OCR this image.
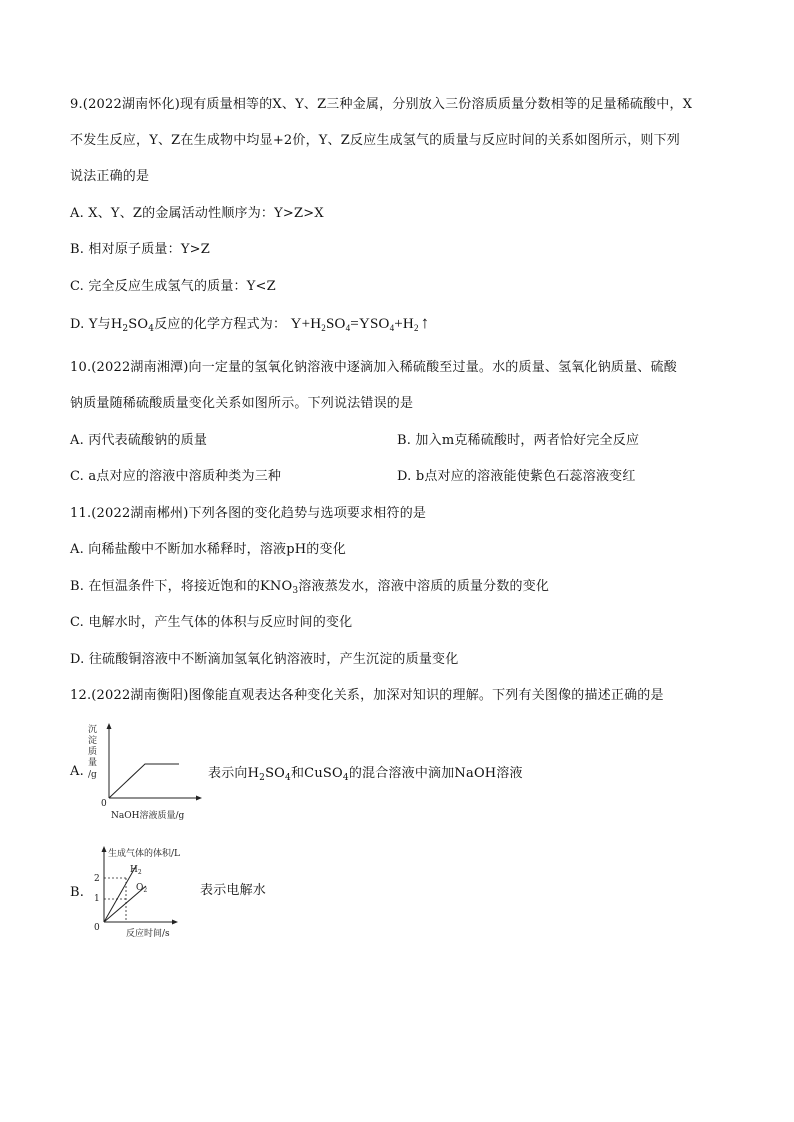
9.(2022湖南怀化)现有质量相等的X、Y、Z三种金属，分别放入三份溶质质量分数相等的足量稀硫酸中，X
不发生反应，Y、Z在生成物中均显+2价，Y、Z反应生成氢气的质量与反应时间的关系如图所示，则下列
说法正确的是
A. X、Y、Z的金属活动性顺序为：Y>Z>X
B. 相对原子质量：Y>Z
C. 完全反应生成氢气的质量：Y<Z
D. Y与$H_2SO_4$反应的化学方程式为： $Y+H_2SO_4=YSO_4+H_2$ ↑
10.(2022湖南湘潭)向一定量的氢氧化钠溶液中逐滴加入稀硫酸至过量。水的质量、氢氧化钠质量、硫酸
钠质量随稀硫酸质量变化关系如图所示。下列说法错误的是
A. 丙代表硫酸钠的质量	B. 加入m克稀硫酸时，两者恰好完全反应
C. a点对应的溶液中溶质种类为三种	D. b点对应的溶液能使紫色石蕊溶液变红
11.(2022湖南郴州)下列各图的变化趋势与选项要求相符的是
A. 向稀盐酸中不断加水稀释时，溶液pH的变化
B. 在恒温条件下，将接近饱和的$KNO_3$溶液蒸发水，溶液中溶质的质量分数的变化
C. 电解水时，产生气体的体积与反应时间的变化
D. 往硫酸铜溶液中不断滴加氢氧化钠溶液时，产生沉淀的质量变化
12.(2022湖南衡阳)图像能直观表达各种变化关系，加深对知识的理解。下列有关图像的描述正确的是
A.
沉
淀
质
量
/g
0
NaOH溶液质量/g
表示向$H_2SO_4$和CuSO$_4$的混合溶液中滴加NaOH溶液
B.
生成气体的体积/L
2
1
$H_2$
$O_2$
0
反应时间/s
表示电解水
